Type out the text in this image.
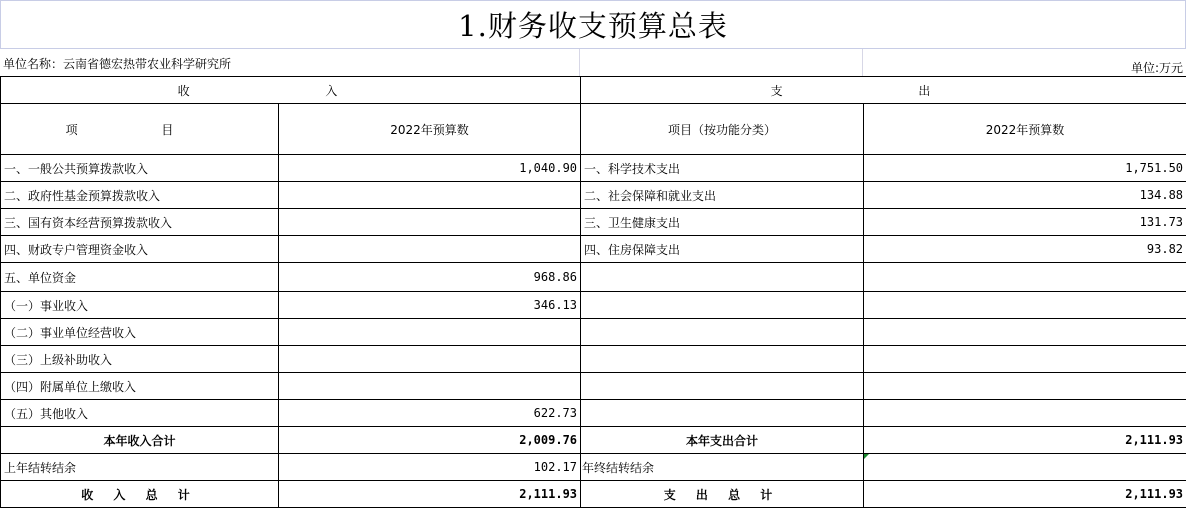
1.财务收支预算总表
单位名称：云南省德宏热带农业科学研究所	单位:万元
收 入		支 出	
项 目	2022年预算数	项目（按功能分类）	2022年预算数
一、一般公共预算拨款收入	1,040.90	一、科学技术支出	1,751.50
二、政府性基金预算拨款收入		二、社会保障和就业支出	134.88
三、国有资本经营预算拨款收入		三、卫生健康支出	131.73
四、财政专户管理资金收入		四、住房保障支出	93.82
五、单位资金	968.86		
（一）事业收入	346.13		
（二）事业单位经营收入			
（三）上级补助收入			
（四）附属单位上缴收入			
（五）其他收入	622.73		
本年收入合计	2,009.76	本年支出合计	2,111.93
上年结转结余	102.17	年终结转结余	
收 入 总 计	2,111.93	支 出 总 计	2,111.93
